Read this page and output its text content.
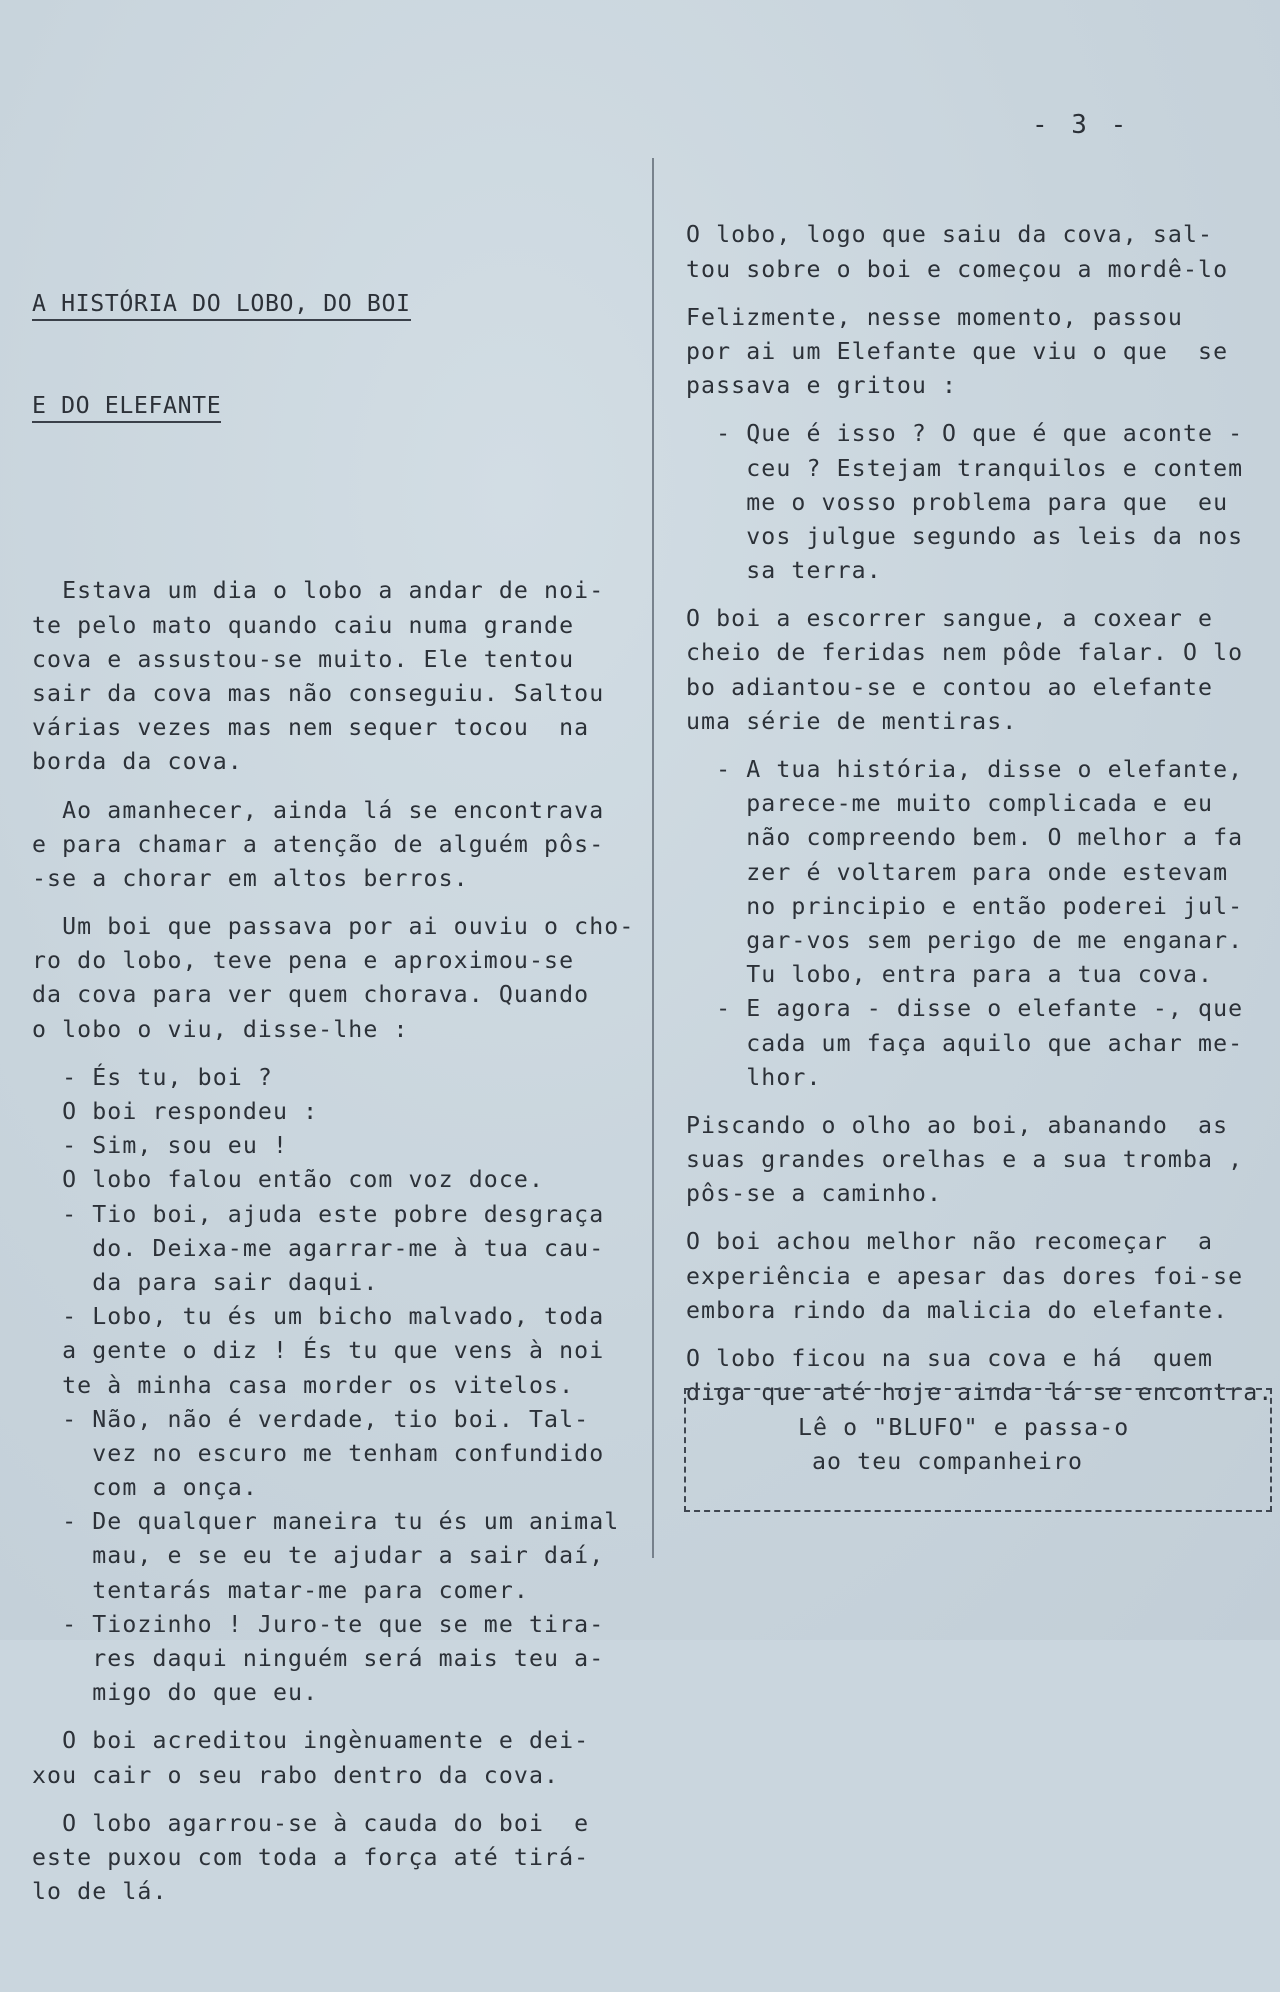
- 3 -

A HISTÓRIA DO LOBO, DO BOI

E DO ELEFANTE

Estava um dia o lobo a andar de noi-
te pelo mato quando caiu numa grande
cova e assustou-se muito. Ele tentou
sair da cova mas não conseguiu. Saltou
várias vezes mas nem sequer tocou  na
borda da cova.
Ao amanhecer, ainda lá se encontrava
e para chamar a atenção de alguém pôs-
-se a chorar em altos berros.
Um boi que passava por ai ouviu o cho-
ro do lobo, teve pena e aproximou-se
da cova para ver quem chorava. Quando
o lobo o viu, disse-lhe :
- És tu, boi ?
O boi respondeu :
- Sim, sou eu !
O lobo falou então com voz doce.
- Tio boi, ajuda este pobre desgraça
do. Deixa-me agarrar-me à tua cau-
da para sair daqui.
- Lobo, tu és um bicho malvado, toda
a gente o diz ! És tu que vens à noi
te à minha casa morder os vitelos.
- Não, não é verdade, tio boi. Tal-
vez no escuro me tenham confundido
com a onça.
- De qualquer maneira tu és um animal
mau, e se eu te ajudar a sair daí,
tentarás matar-me para comer.
- Tiozinho ! Juro-te que se me tira-
res daqui ninguém será mais teu a-
migo do que eu.
O boi acreditou ingènuamente e dei-
xou cair o seu rabo dentro da cova.
O lobo agarrou-se à cauda do boi  e
este puxou com toda a força até tirá-
lo de lá.

O lobo, logo que saiu da cova, sal-
tou sobre o boi e começou a mordê-lo
Felizmente, nesse momento, passou
por ai um Elefante que viu o que  se
passava e gritou :
- Que é isso ? O que é que aconte -
ceu ? Estejam tranquilos e contem
me o vosso problema para que  eu
vos julgue segundo as leis da nos
sa terra.
O boi a escorrer sangue, a coxear e
cheio de feridas nem pôde falar. O lo
bo adiantou-se e contou ao elefante
uma série de mentiras.
- A tua história, disse o elefante,
parece-me muito complicada e eu
não compreendo bem. O melhor a fa
zer é voltarem para onde estevam
no principio e então poderei jul-
gar-vos sem perigo de me enganar.
Tu lobo, entra para a tua cova.
- E agora - disse o elefante -, que
cada um faça aquilo que achar me-
lhor.
Piscando o olho ao boi, abanando  as
suas grandes orelhas e a sua tromba ,
pôs-se a caminho.
O boi achou melhor não recomeçar  a
experiência e apesar das dores foi-se
embora rindo da malicia do elefante.
O lobo ficou na sua cova e há  quem
diga que até hoje ainda lá se encontra.

Lê o "BLUFO" e passa-o
ao teu companheiro
